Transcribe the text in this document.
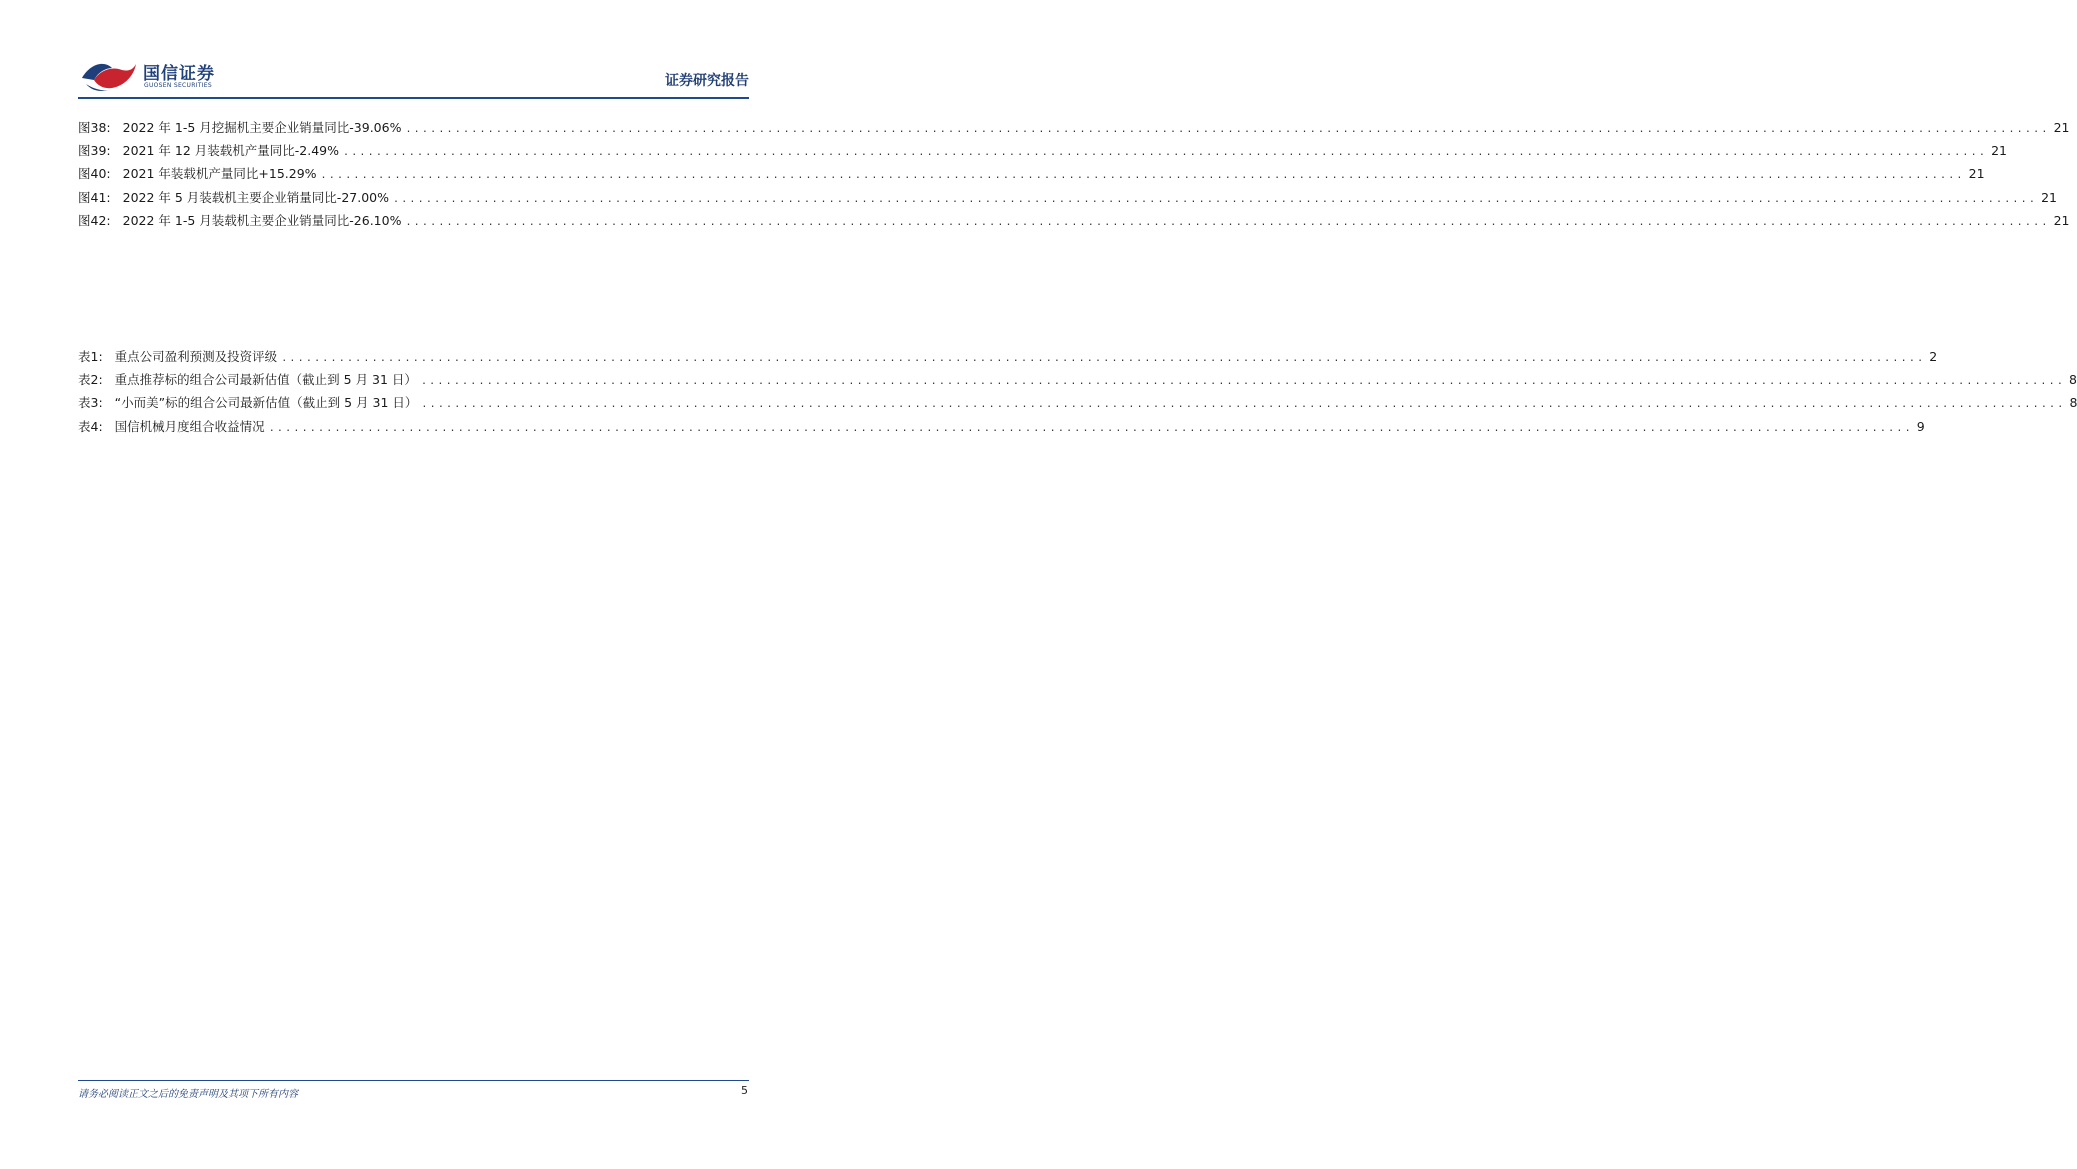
国信证券
GUOSEN SECURITIES	证券研究报告
图38: 2022 年 1-5 月挖掘机主要企业销量同比-39.06% ........................................................................................................................................................................................................ 21
图39: 2021 年 12 月装载机产量同比-2.49% ........................................................................................................................................................................................................ 21
图40: 2021 年装载机产量同比+15.29% ........................................................................................................................................................................................................ 21
图41: 2022 年 5 月装载机主要企业销量同比-27.00% ........................................................................................................................................................................................................ 21
图42: 2022 年 1-5 月装载机主要企业销量同比-26.10% ........................................................................................................................................................................................................ 21
表1: 重点公司盈利预测及投资评级 ........................................................................................................................................................................................................ 2
表2: 重点推荐标的组合公司最新估值（截止到 5 月 31 日） ........................................................................................................................................................................................................ 8
表3: “小而美”标的组合公司最新估值（截止到 5 月 31 日） ........................................................................................................................................................................................................ 8
表4: 国信机械月度组合收益情况 ........................................................................................................................................................................................................ 9
请务必阅读正文之后的免责声明及其项下所有内容	5
